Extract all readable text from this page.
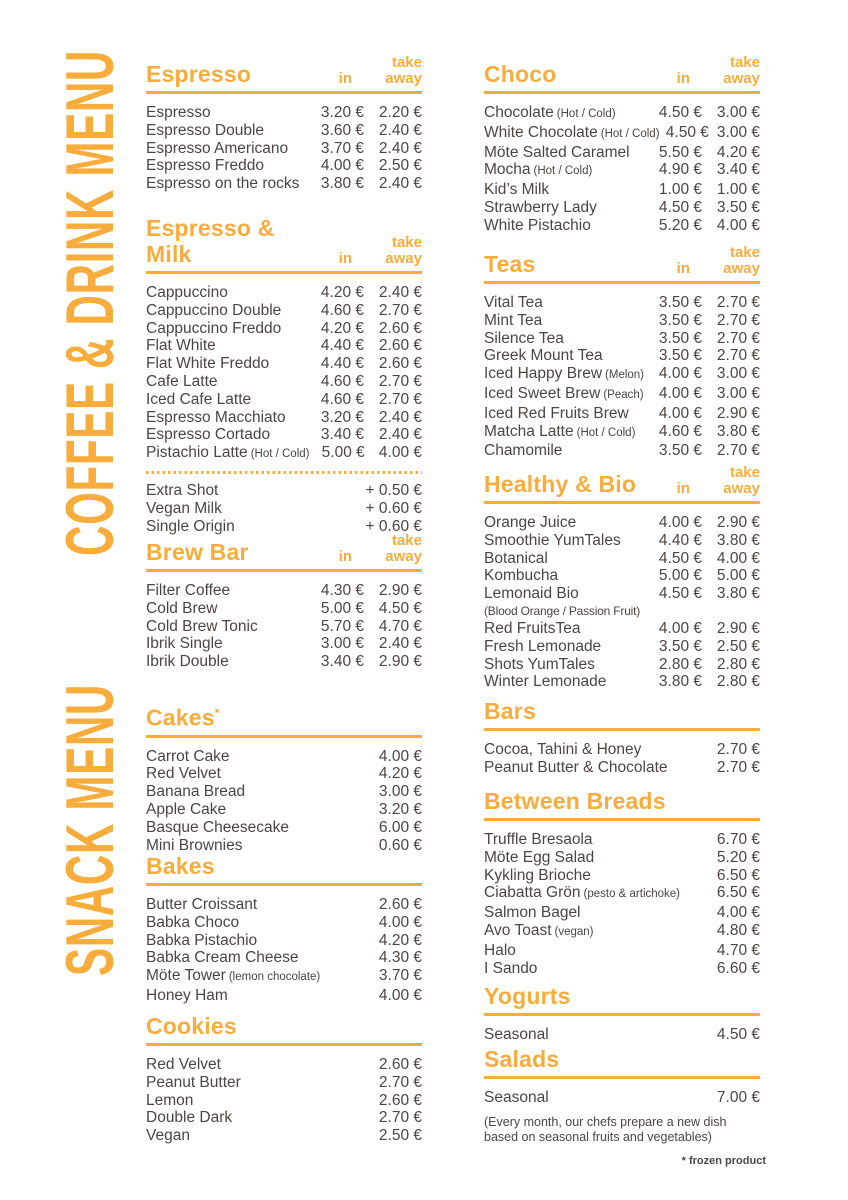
COFFEE & DRINK MENU
SNACK MENU
Espresso	in
take
away
Espresso	3.20 € 2.20 €
Espresso Double	3.60 € 2.40 €
Espresso Americano	3.70 € 2.40 €
Espresso Freddo	4.00 € 2.50 €
Espresso on the rocks	3.80 € 2.40 €
Espresso & Milk	in
take
away
Cappuccino	4.20 € 2.40 €
Cappuccino Double	4.60 € 2.70 €
Cappuccino Freddo	4.20 € 2.60 €
Flat White	4.40 € 2.60 €
Flat White Freddo	4.40 € 2.60 €
Cafe Latte	4.60 € 2.70 €
Iced Cafe Latte	4.60 € 2.70 €
Espresso Macchiato	3.20 € 2.40 €
Espresso Cortado	3.40 € 2.40 €
Pistachio Latte (Hot / Cold) 5.00 € 4.00 €
Extra Shot	+ 0.50 €
Vegan Milk	+ 0.60 €
Single Origin	+ 0.60 €
Brew Bar	in
take
away
Filter Coffee	4.30 € 2.90 €
Cold Brew	5.00 € 4.50 €
Cold Brew Tonic	5.70 € 4.70 €
Ibrik Single	3.00 € 2.40 €
Ibrik Double	3.40 € 2.90 €
Cakes*
Carrot Cake	4.00 €
Red Velvet	4.20 €
Banana Bread	3.00 €
Apple Cake	3.20 €
Basque Cheesecake	6.00 €
Mini Brownies	0.60 €
Bakes
Butter Croissant	2.60 €
Babka Choco	4.00 €
Babka Pistachio	4.20 €
Babka Cream Cheese	4.30 €
Möte Tower (lemon chocolate)	3.70 €
Honey Ham	4.00 €
Cookies
Red Velvet	2.60 €
Peanut Butter	2.70 €
Lemon	2.60 €
Double Dark	2.70 €
Vegan	2.50 €
Choco	in
take
away
Chocolate (Hot / Cold)	4.50 € 3.00 €
White Chocolate (Hot / Cold) 4.50 € 3.00 €
Möte Salted Caramel	5.50 € 4.20 €
Mocha (Hot / Cold)	4.90 € 3.40 €
Kid’s Milk	1.00 € 1.00 €
Strawberry Lady	4.50 € 3.50 €
White Pistachio	5.20 € 4.00 €
Teas	in
take
away
Vital Tea	3.50 € 2.70 €
Mint Tea	3.50 € 2.70 €
Silence Tea	3.50 € 2.70 €
Greek Mount Tea	3.50 € 2.70 €
Iced Happy Brew (Melon) 4.00 € 3.00 €
Iced Sweet Brew (Peach) 4.00 € 3.00 €
Iced Red Fruits Brew	4.00 € 2.90 €
Matcha Latte (Hot / Cold)	4.60 € 3.80 €
Chamomile	3.50 € 2.70 €
Healthy & Bio	in
take
away
Orange Juice	4.00 € 2.90 €
Smoothie YumTales	4.40 € 3.80 €
Botanical	4.50 € 4.00 €
Kombucha	5.00 € 5.00 €
Lemonaid Bio	4.50 € 3.80 €
(Blood Orange / Passion Fruit)
Red FruitsTea	4.00 € 2.90 €
Fresh Lemonade	3.50 € 2.50 €
Shots YumTales	2.80 € 2.80 €
Winter Lemonade	3.80 € 2.80 €
Bars
Cocoa, Tahini & Honey	2.70 €
Peanut Butter & Chocolate	2.70 €
Between Breads
Truffle Bresaola	6.70 €
Möte Egg Salad	5.20 €
Kykling Brioche	6.50 €
Ciabatta Grön (pesto & artichoke)	6.50 €
Salmon Bagel	4.00 €
Avo Toast (vegan)	4.80 €
Halo	4.70 €
I Sando	6.60 €
Yogurts
Seasonal	4.50 €
Salads
Seasonal	7.00 €
(Every month, our chefs prepare a new dish based on seasonal fruits and vegetables)
* frozen product
